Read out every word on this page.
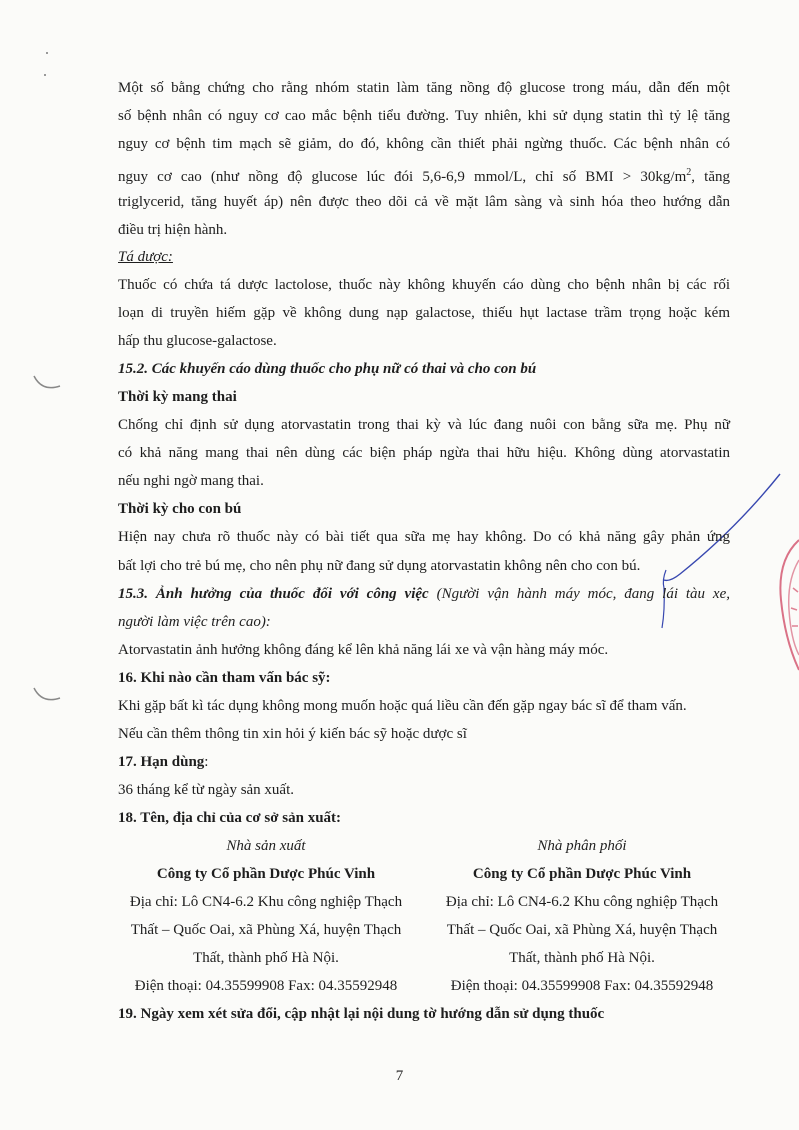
Một số bằng chứng cho rằng nhóm statin làm tăng nồng độ glucose trong máu, dẫn đến một
số bệnh nhân có nguy cơ cao mắc bệnh tiểu đường. Tuy nhiên, khi sử dụng statin thì tỷ lệ tăng
nguy cơ bệnh tim mạch sẽ giảm, do đó, không cần thiết phải ngừng thuốc. Các bệnh nhân có
nguy cơ cao (như nồng độ glucose lúc đói 5,6-6,9 mmol/L, chỉ số BMI > $30kg/m^2$, tăng
triglycerid, tăng huyết áp) nên được theo dõi cả về mặt lâm sàng và sinh hóa theo hướng dẫn
điều trị hiện hành.
Tá dược:
Thuốc có chứa tá dược lactolose, thuốc này không khuyến cáo dùng cho bệnh nhân bị các rối
loạn di truyền hiếm gặp về không dung nạp galactose, thiếu hụt lactase trầm trọng hoặc kém
hấp thu glucose-galactose.
15.2. Các khuyến cáo dùng thuốc cho phụ nữ có thai và cho con bú
Thời kỳ mang thai
Chống chỉ định sử dụng atorvastatin trong thai kỳ và lúc đang nuôi con bằng sữa mẹ. Phụ nữ
có khả năng mang thai nên dùng các biện pháp ngừa thai hữu hiệu. Không dùng atorvastatin
nếu nghi ngờ mang thai.
Thời kỳ cho con bú
Hiện nay chưa rõ thuốc này có bài tiết qua sữa mẹ hay không. Do có khả năng gây phản ứng
bất lợi cho trẻ bú mẹ, cho nên phụ nữ đang sử dụng atorvastatin không nên cho con bú.
15.3. Ảnh hưởng của thuốc đối với công việc (Người vận hành máy móc, đang lái tàu xe,
người làm việc trên cao):
Atorvastatin ảnh hưởng không đáng kể lên khả năng lái xe và vận hàng máy móc.
16. Khi nào cần tham vấn bác sỹ:
Khi gặp bất kì tác dụng không mong muốn hoặc quá liều cần đến gặp ngay bác sĩ để tham vấn.
Nếu cần thêm thông tin xin hỏi ý kiến bác sỹ hoặc dược sĩ
17. Hạn dùng:
36 tháng kể từ ngày sản xuất.
18. Tên, địa chỉ của cơ sở sản xuất:
Nhà sản xuất
Công ty Cổ phần Dược Phúc Vinh
Địa chỉ: Lô CN4-6.2 Khu công nghiệp Thạch
Thất – Quốc Oai, xã Phùng Xá, huyện Thạch
Thất, thành phố Hà Nội.
Điện thoại: 04.35599908 Fax: 04.35592948
Nhà phân phối
Công ty Cổ phần Dược Phúc Vinh
Địa chỉ: Lô CN4-6.2 Khu công nghiệp Thạch
Thất – Quốc Oai, xã Phùng Xá, huyện Thạch
Thất, thành phố Hà Nội.
Điện thoại: 04.35599908 Fax: 04.35592948
19. Ngày xem xét sửa đổi, cập nhật lại nội dung tờ hướng dẫn sử dụng thuốc
7
